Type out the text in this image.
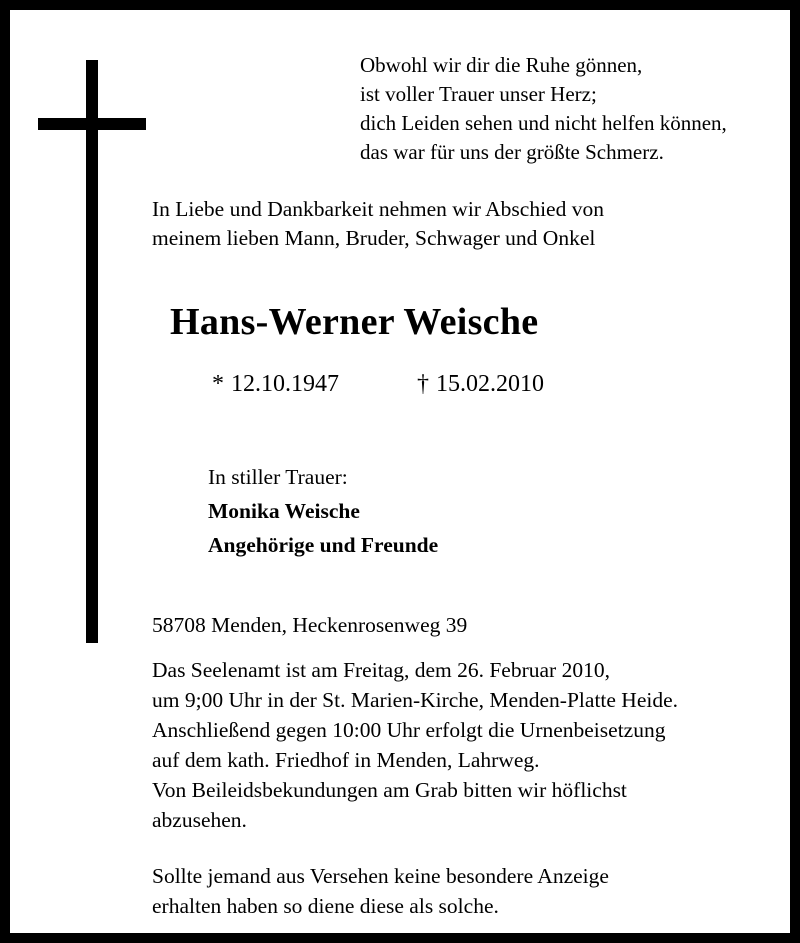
Obwohl wir dir die Ruhe gönnen,
ist voller Trauer unser Herz;
dich Leiden sehen und nicht helfen können,
das war für uns der größte Schmerz.
In Liebe und Dankbarkeit nehmen wir Abschied von
meinem lieben Mann, Bruder, Schwager und Onkel
Hans-Werner Weische
* 12.10.1947	† 15.02.2010
In stiller Trauer:
Monika Weische
Angehörige und Freunde
58708 Menden, Heckenrosenweg 39
Das Seelenamt ist am Freitag, dem 26. Februar 2010,
um 9;00 Uhr in der St. Marien-Kirche, Menden-Platte Heide.
Anschließend gegen 10:00 Uhr erfolgt die Urnenbeisetzung
auf dem kath. Friedhof in Menden, Lahrweg.
Von Beileidsbekundungen am Grab bitten wir höflichst
abzusehen.
Sollte jemand aus Versehen keine besondere Anzeige
erhalten haben so diene diese als solche.
